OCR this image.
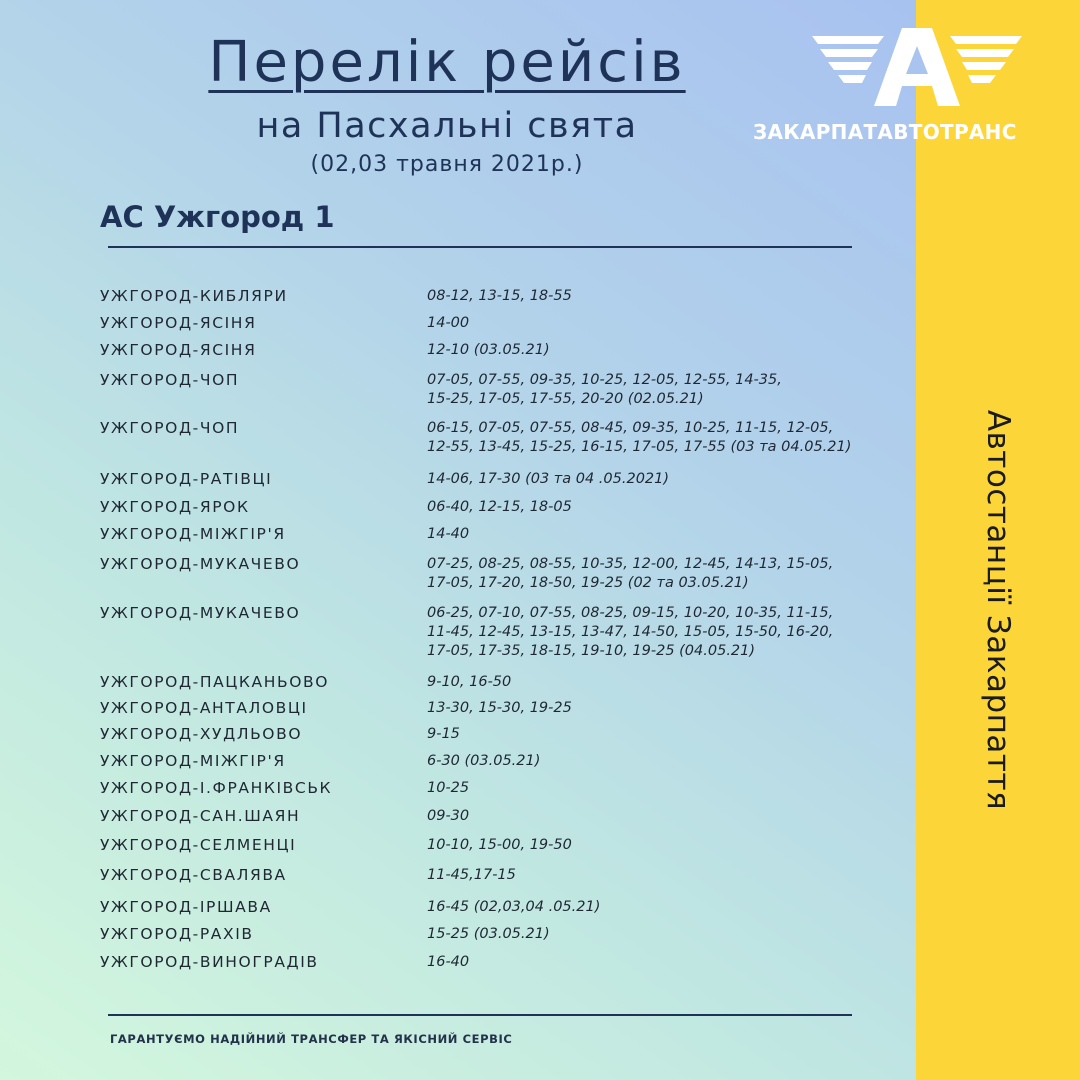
Перелік рейсів
на Пасхальні свята
(02,03 травня 2021р.)
АС Ужгород 1
УЖГОРОД-КИБЛЯРИ	08-12, 13-15, 18-55
УЖГОРОД-ЯСІНЯ	14-00
УЖГОРОД-ЯСІНЯ	12-10 (03.05.21)
УЖГОРОД-ЧОП	07-05, 07-55, 09-35, 10-25, 12-05, 12-55, 14-35,
15-25, 17-05, 17-55, 20-20 (02.05.21)
УЖГОРОД-ЧОП	06-15, 07-05, 07-55, 08-45, 09-35, 10-25, 11-15, 12-05,
12-55, 13-45, 15-25, 16-15, 17-05, 17-55 (03 та 04.05.21)
УЖГОРОД-РАТІВЦІ	14-06, 17-30 (03 та 04 .05.2021)
УЖГОРОД-ЯРОК	06-40, 12-15, 18-05
УЖГОРОД-МІЖГІР'Я	14-40
УЖГОРОД-МУКАЧЕВО	07-25, 08-25, 08-55, 10-35, 12-00, 12-45, 14-13, 15-05,
17-05, 17-20, 18-50, 19-25 (02 та 03.05.21)
УЖГОРОД-МУКАЧЕВО	06-25, 07-10, 07-55, 08-25, 09-15, 10-20, 10-35, 11-15,
11-45, 12-45, 13-15, 13-47, 14-50, 15-05, 15-50, 16-20,
17-05, 17-35, 18-15, 19-10, 19-25 (04.05.21)
УЖГОРОД-ПАЦКАНЬОВО	9-10, 16-50
УЖГОРОД-АНТАЛОВЦІ	13-30, 15-30, 19-25
УЖГОРОД-ХУДЛЬОВО	9-15
УЖГОРОД-МІЖГІР'Я	6-30 (03.05.21)
УЖГОРОД-І.ФРАНКІВСЬК	10-25
УЖГОРОД-САН.ШАЯН	09-30
УЖГОРОД-СЕЛМЕНЦІ	10-10, 15-00, 19-50
УЖГОРОД-СВАЛЯВА	11-45,17-15
УЖГОРОД-ІРШАВА	16-45 (02,03,04 .05.21)
УЖГОРОД-РАХІВ	15-25 (03.05.21)
УЖГОРОД-ВИНОГРАДІВ	16-40
ГАРАНТУЄМО НАДІЙНИЙ ТРАНСФЕР ТА ЯКІСНИЙ СЕРВІС
ЗАКАРПАТАВТОТРАНС
Автостанції Закарпаття
